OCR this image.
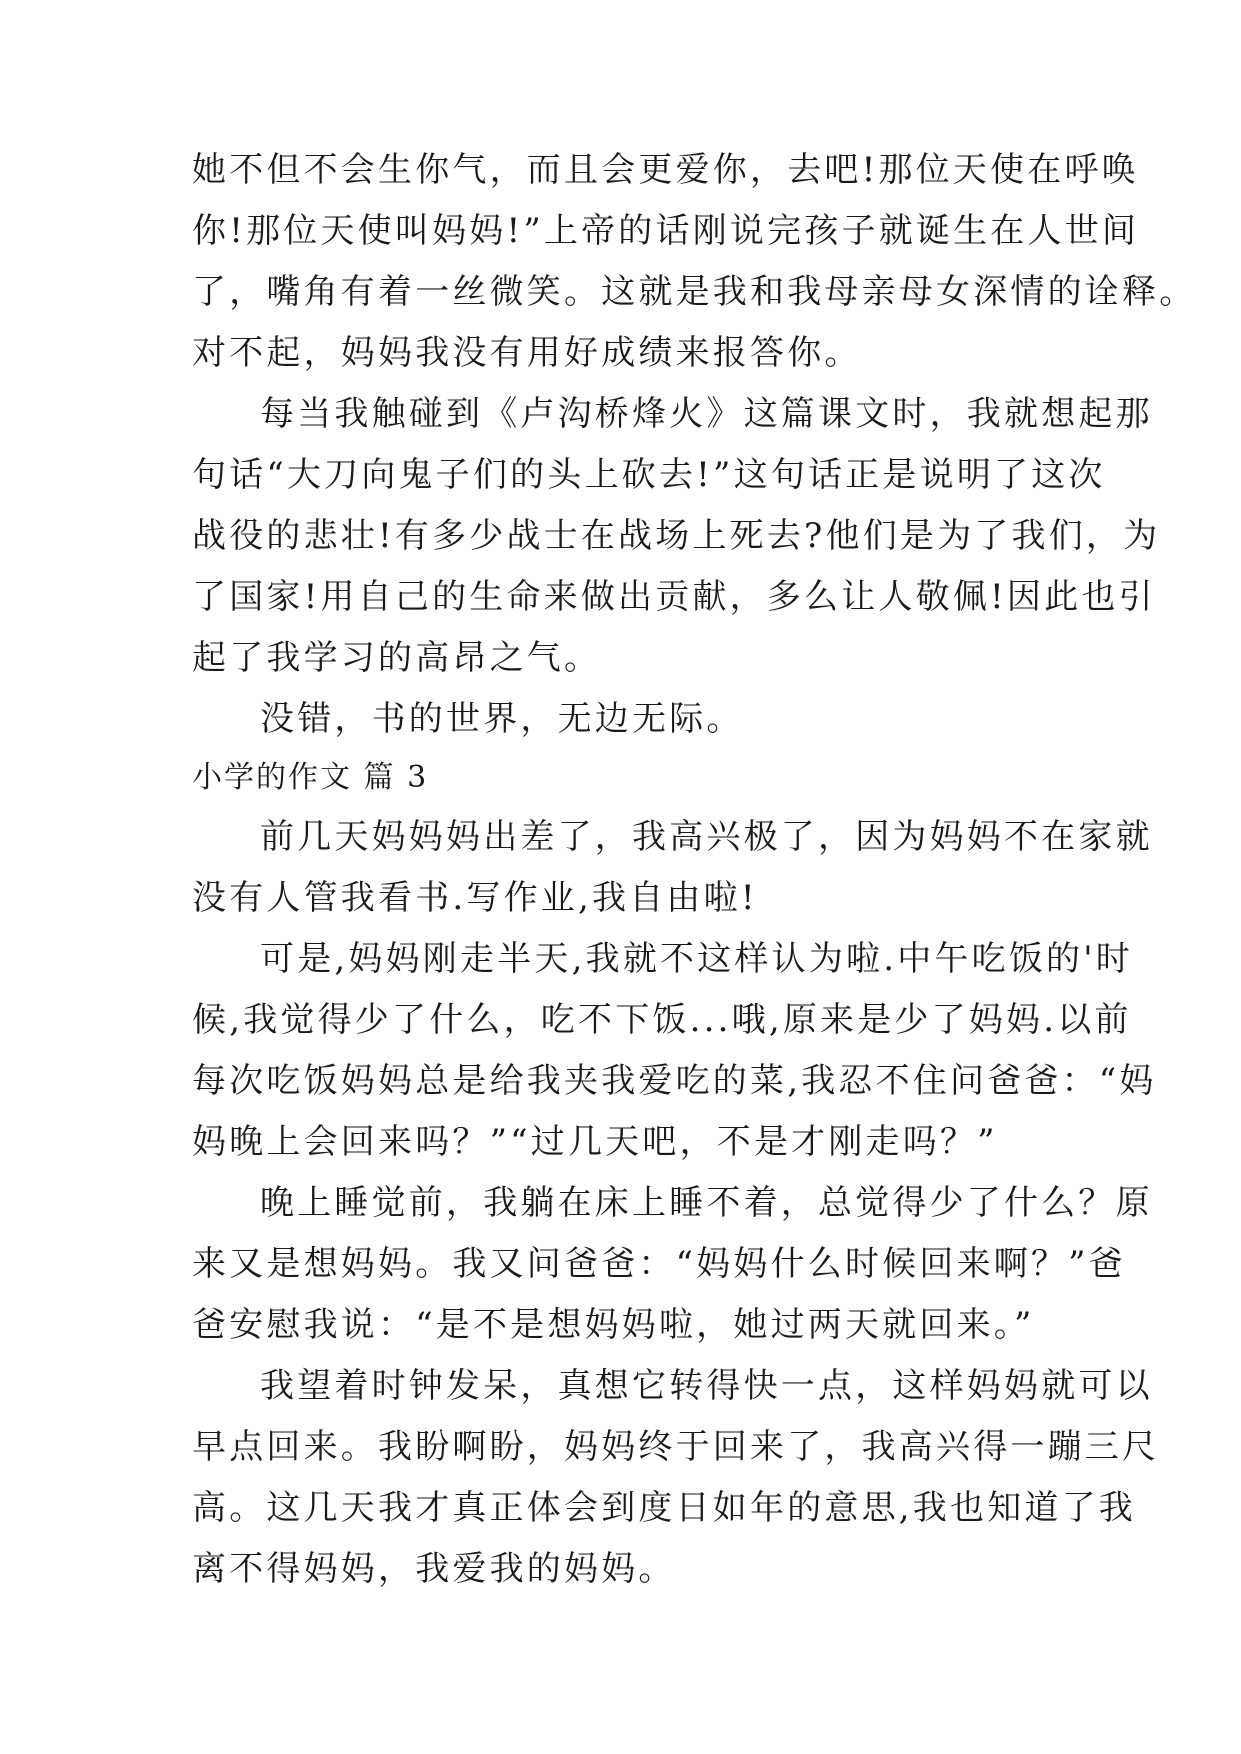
她不但不会生你气，而且会更爱你，去吧!那位天使在呼唤
你!那位天使叫妈妈!”上帝的话刚说完孩子就诞生在人世间
了，嘴角有着一丝微笑。这就是我和我母亲母女深情的诠释。
对不起，妈妈我没有用好成绩来报答你。
每当我触碰到《卢沟桥烽火》这篇课文时，我就想起那
句话“大刀向鬼子们的头上砍去!”这句话正是说明了这次
战役的悲壮!有多少战士在战场上死去?他们是为了我们，为
了国家!用自己的生命来做出贡献，多么让人敬佩!因此也引
起了我学习的高昂之气。
没错，书的世界，无边无际。
小学的作文 篇 3
前几天妈妈妈出差了，我高兴极了，因为妈妈不在家就
没有人管我看书.写作业,我自由啦!
可是,妈妈刚走半天,我就不这样认为啦.中午吃饭的'时
候,我觉得少了什么，吃不下饭...哦,原来是少了妈妈.以前
每次吃饭妈妈总是给我夹我爱吃的菜,我忍不住问爸爸：“妈
妈晚上会回来吗？”“过几天吧，不是才刚走吗？”
晚上睡觉前，我躺在床上睡不着，总觉得少了什么？原
来又是想妈妈。我又问爸爸：“妈妈什么时候回来啊？”爸
爸安慰我说：“是不是想妈妈啦，她过两天就回来。”
我望着时钟发呆，真想它转得快一点，这样妈妈就可以
早点回来。我盼啊盼，妈妈终于回来了，我高兴得一蹦三尺
高。这几天我才真正体会到度日如年的意思,我也知道了我
离不得妈妈，我爱我的妈妈。
